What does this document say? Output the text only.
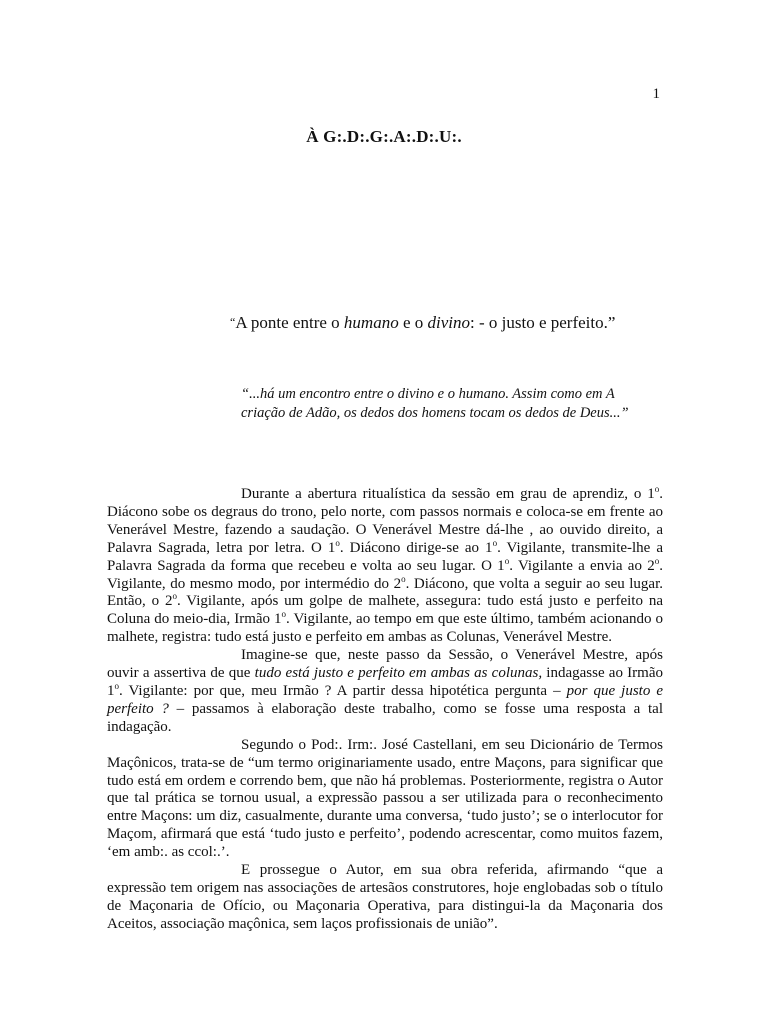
1
À G:.D:.G:.A:.D:.U:.
“A ponte entre o humano e o divino: - o justo e perfeito.”
“...há um encontro entre o divino e o humano. Assim como em A
criação de Adão, os dedos dos homens tocam os dedos de Deus...”

Durante a abertura ritualística da sessão em grau de aprendiz, o 1$^o$. Diácono sobe os degraus do trono, pelo norte, com passos normais e coloca-se em frente ao Venerável Mestre, fazendo a saudação. O Venerável Mestre dá-lhe , ao ouvido direito, a Palavra Sagrada, letra por letra. O 1$^o$. Diácono dirige-se ao 1$^o$. Vigilante, transmite-lhe a Palavra Sagrada da forma que recebeu e volta ao seu lugar. O 1$^o$. Vigilante a envia ao 2$^o$. Vigilante, do mesmo modo, por intermédio do 2$^o$. Diácono, que volta a seguir ao seu lugar. Então, o 2$^o$. Vigilante, após um golpe de malhete, assegura: tudo está justo e perfeito na Coluna do meio-dia, Irmão 1$^o$. Vigilante, ao tempo em que este último, também acionando o malhete, registra: tudo está justo e perfeito em ambas as Colunas, Venerável Mestre.

Imagine-se que, neste passo da Sessão, o Venerável Mestre, após ouvir a assertiva de que tudo está justo e perfeito em ambas as colunas, indagasse ao Irmão 1$^o$. Vigilante: por que, meu Irmão ? A partir dessa hipotética pergunta – por que justo e perfeito ? – passamos à elaboração deste trabalho, como se fosse uma resposta a tal indagação.

Segundo o Pod:. Irm:. José Castellani, em seu Dicionário de Termos Maçônicos, trata-se de “um termo originariamente usado, entre Maçons, para significar que tudo está em ordem e correndo bem, que não há problemas. Posteriormente, registra o Autor que tal prática se tornou usual, a expressão passou a ser utilizada para o reconhecimento entre Maçons: um diz, casualmente, durante uma conversa, ‘tudo justo’; se o interlocutor for Maçom, afirmará que está ‘tudo justo e perfeito’, podendo acrescentar, como muitos fazem, ‘em amb:. as ccol:.’.

E prossegue o Autor, em sua obra referida, afirmando “que a expressão tem origem nas associações de artesãos construtores, hoje englobadas sob o título de Maçonaria de Ofício, ou Maçonaria Operativa, para distingui-la da Maçonaria dos Aceitos, associação maçônica, sem laços profissionais de união”.
